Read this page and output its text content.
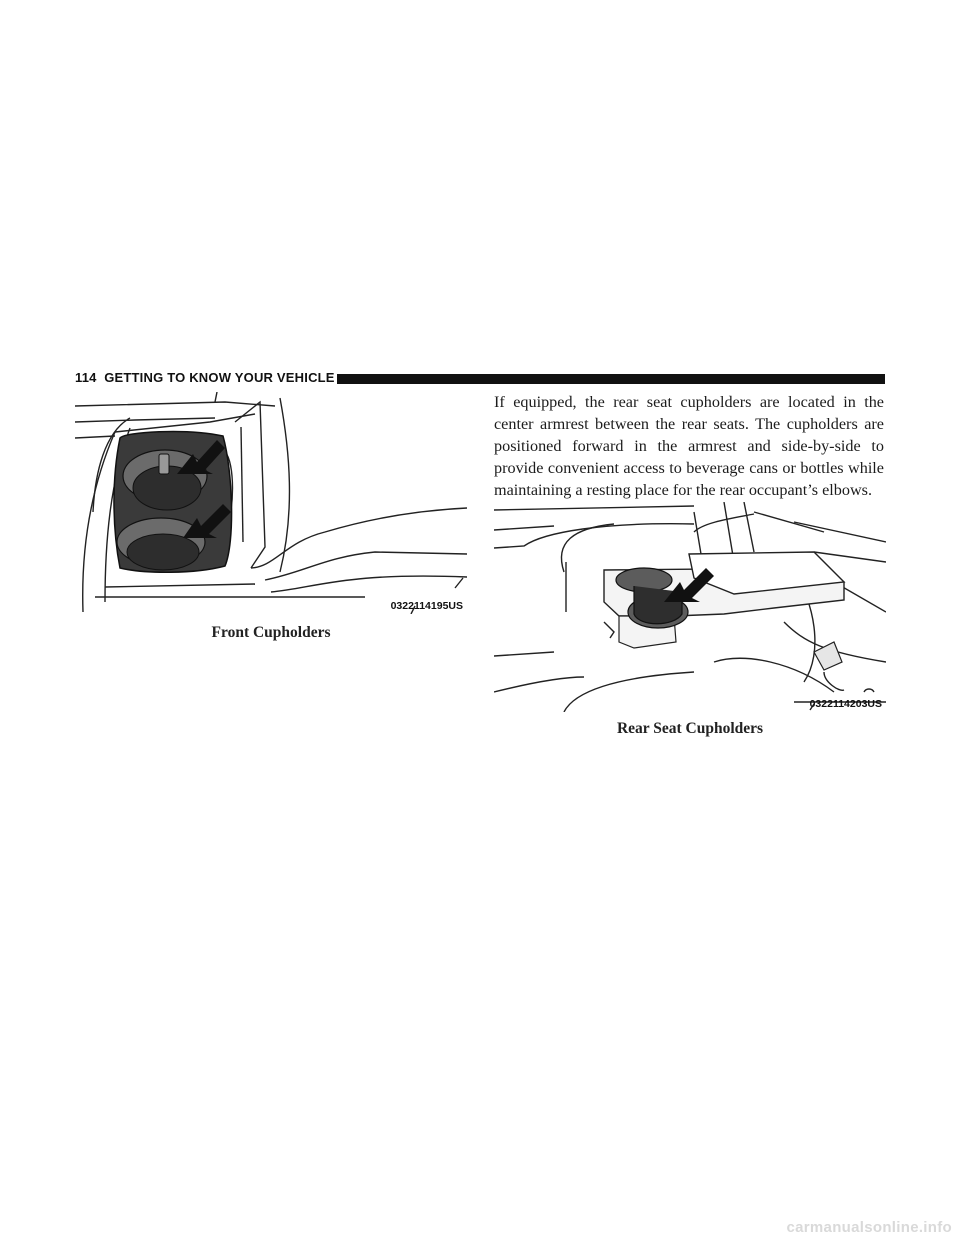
114 GETTING TO KNOW YOUR VEHICLE
0322114195US
Front Cupholders

If equipped, the rear seat cupholders are located in the center armrest between the rear seats. The cupholders are positioned forward in the armrest and side-by-side to provide convenient access to beverage cans or bottles while maintaining a resting place for the rear occupant’s elbows.

0322114203US
Rear Seat Cupholders
carmanualsonline.info
